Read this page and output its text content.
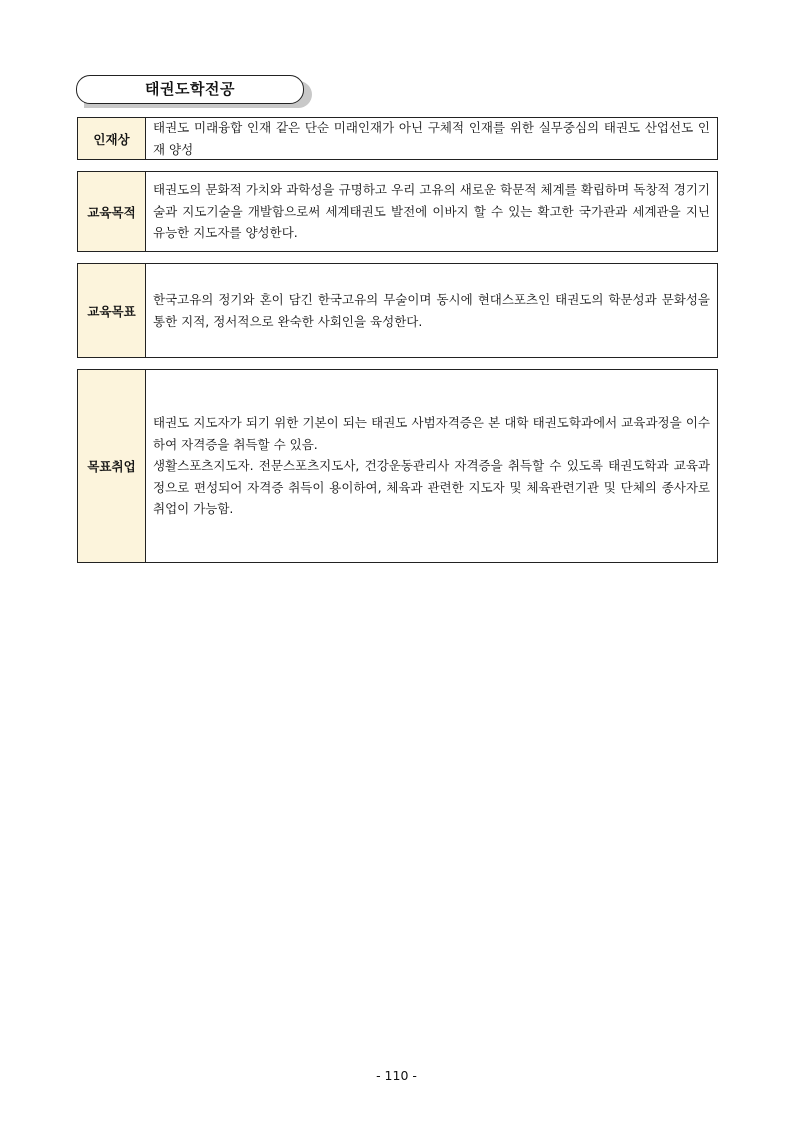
태권도학전공
인재상

태권도 미래융합 인재 같은 단순 미래인재가 아닌 구체적 인재를 위한 실무중심의 태권도 산업선도 인재 양성

교육목적

태권도의 문화적 가치와 과학성을 규명하고 우리 고유의 새로운 학문적 체계를 확립하며 독창적 경기기술과 지도기술을 개발함으로써 세계태권도 발전에 이바지 할 수 있는 확고한 국가관과 세계관을 지닌 유능한 지도자를 양성한다.

교육목표

한국고유의 정기와 혼이 담긴 한국고유의 무술이며 동시에 현대스포츠인 태권도의 학문성과 문화성을 통한 지적, 정서적으로 완숙한 사회인을 육성한다.

목표취업

태권도 지도자가 되기 위한 기본이 되는 태권도 사범자격증은 본 대학 태권도학과에서 교육과정을 이수하여 자격증을 취득할 수 있음.

생활스포츠지도자. 전문스포츠지도사, 건강운동관리사 자격증을 취득할 수 있도록 태권도학과 교육과정으로 편성되어 자격증 취득이 용이하여, 체육과 관련한 지도자 및 체육관련기관 및 단체의 종사자로 취업이 가능함.

- 110 -
